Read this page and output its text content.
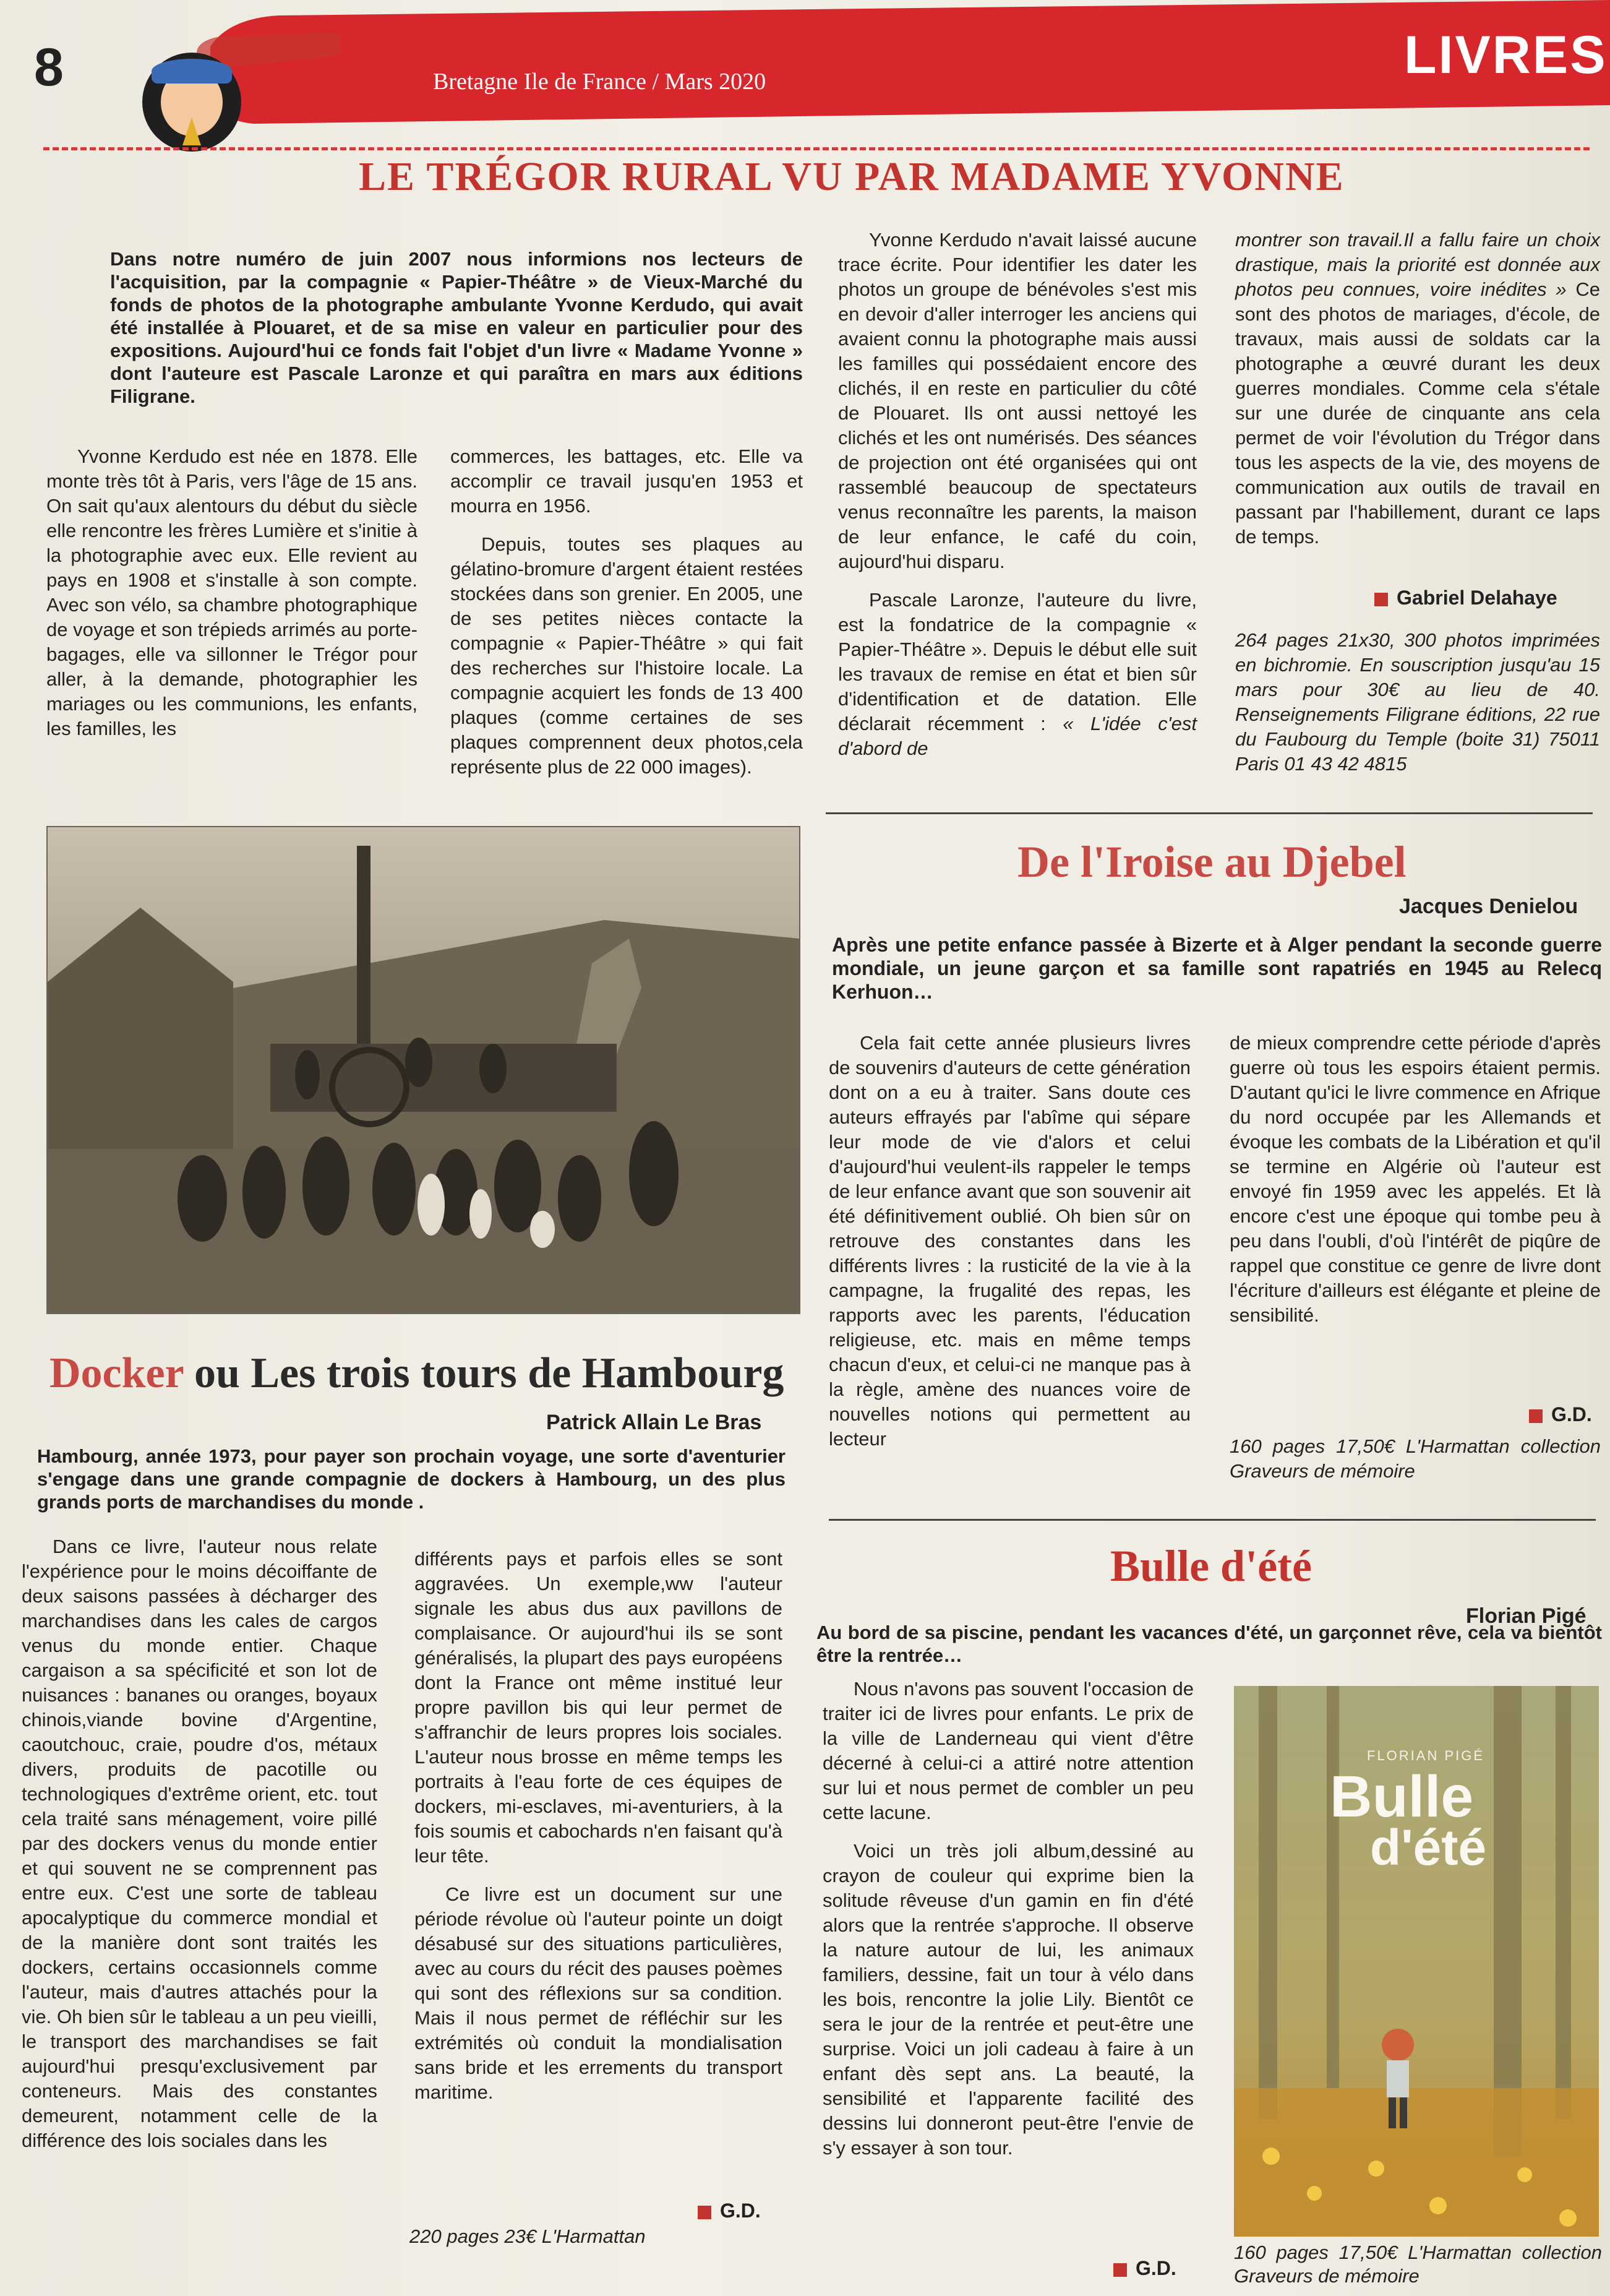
8	Bretagne Ile de France / Mars 2020	LIVRES
LE TRÉGOR RURAL VU PAR MADAME YVONNE
Dans notre numéro de juin 2007 nous informions nos lecteurs de l'acquisition, par la compagnie « Papier-Théâtre » de Vieux-Marché du fonds de photos de la photographe ambulante Yvonne Kerdudo, qui avait été installée à Plouaret, et de sa mise en valeur en particulier pour des expositions. Aujourd'hui ce fonds fait l'objet d'un livre « Madame Yvonne » dont l'auteure est Pascale Laronze et qui paraîtra en mars aux éditions Filigrane.

Yvonne Kerdudo est née en 1878. Elle monte très tôt à Paris, vers l'âge de 15 ans. On sait qu'aux alentours du début du siècle elle rencontre les frères Lumière et s'initie à la photographie avec eux. Elle revient au pays en 1908 et s'installe à son compte. Avec son vélo, sa chambre photographique de voyage et son trépieds arrimés au porte-bagages, elle va sillonner le Trégor pour aller, à la demande, photographier les mariages ou les communions, les enfants, les familles, les

commerces, les battages, etc. Elle va accomplir ce travail jusqu'en 1953 et mourra en 1956.

Depuis, toutes ses plaques au gélatino-bromure d'argent étaient restées stockées dans son grenier. En 2005, une de ses petites nièces contacte la compagnie « Papier-Théâtre » qui fait des recherches sur l'histoire locale. La compagnie acquiert les fonds de 13 400 plaques (comme certaines de ses plaques comprennent deux photos,cela représente plus de 22 000 images).

Yvonne Kerdudo n'avait laissé aucune trace écrite. Pour identifier les dater les photos un groupe de bénévoles s'est mis en devoir d'aller interroger les anciens qui avaient connu la photographe mais aussi les familles qui possédaient encore des clichés, il en reste en particulier du côté de Plouaret. Ils ont aussi nettoyé les clichés et les ont numérisés. Des séances de projection ont été organisées qui ont rassemblé beaucoup de spectateurs venus reconnaître les parents, la maison de leur enfance, le café du coin, aujourd'hui disparu.

Pascale Laronze, l'auteure du livre, est la fondatrice de la compagnie « Papier-Théâtre ». Depuis le début elle suit les travaux de remise en état et bien sûr d'identification et de datation. Elle déclarait récemment : « L'idée c'est d'abord de

montrer son travail.Il a fallu faire un choix drastique, mais la priorité est donnée aux photos peu connues, voire inédites » Ce sont des photos de mariages, d'école, de travaux, mais aussi de soldats car la photographe a œuvré durant les deux guerres mondiales. Comme cela s'étale sur une durée de cinquante ans cela permet de voir l'évolution du Trégor dans tous les aspects de la vie, des moyens de communication aux outils de travail en passant par l'habillement, durant ce laps de temps.

Gabriel Delahaye
264 pages 21x30, 300 photos imprimées en bichromie. En souscription jusqu'au 15 mars pour 30€ au lieu de 40. Renseignements Filigrane éditions, 22 rue du Faubourg du Temple (boite 31) 75011 Paris 01 43 42 4815
De l'Iroise au Djebel
Jacques Denielou
Après une petite enfance passée à Bizerte et à Alger pendant la seconde guerre mondiale, un jeune garçon et sa famille sont rapatriés en 1945 au Relecq Kerhuon…

Cela fait cette année plusieurs livres de souvenirs d'auteurs de cette génération dont on a eu à traiter. Sans doute ces auteurs effrayés par l'abîme qui sépare leur mode de vie d'alors et celui d'aujourd'hui veulent-ils rappeler le temps de leur enfance avant que son souvenir ait été définitivement oublié. Oh bien sûr on retrouve des constantes dans les différents livres : la rusticité de la vie à la campagne, la frugalité des repas, les rapports avec les parents, l'éducation religieuse, etc. mais en même temps chacun d'eux, et celui-ci ne manque pas à la règle, amène des nuances voire de nouvelles notions qui permettent au lecteur

de mieux comprendre cette période d'après guerre où tous les espoirs étaient permis. D'autant qu'ici le livre commence en Afrique du nord occupée par les Allemands et évoque les combats de la Libération et qu'il se termine en Algérie où l'auteur est envoyé fin 1959 avec les appelés. Et là encore c'est une époque qui tombe peu à peu dans l'oubli, d'où l'intérêt de piqûre de rappel que constitue ce genre de livre dont l'écriture d'ailleurs est élégante et pleine de sensibilité.

G.D.
160 pages 17,50€ L'Harmattan collection Graveurs de mémoire
Docker ou Les trois tours de Hambourg
Patrick Allain Le Bras
Hambourg, année 1973, pour payer son prochain voyage, une sorte d'aventurier s'engage dans une grande compagnie de dockers à Hambourg, un des plus grands ports de marchandises du monde .

Dans ce livre, l'auteur nous relate l'expérience pour le moins décoiffante de deux saisons passées à décharger des marchandises dans les cales de cargos venus du monde entier. Chaque cargaison a sa spécificité et son lot de nuisances : bananes ou oranges, boyaux chinois,viande bovine d'Argentine, caoutchouc, craie, poudre d'os, métaux divers, produits de pacotille ou technologiques d'extrême orient, etc. tout cela traité sans ménagement, voire pillé par des dockers venus du monde entier et qui souvent ne se comprennent pas entre eux. C'est une sorte de tableau apocalyptique du commerce mondial et de la manière dont sont traités les dockers, certains occasionnels comme l'auteur, mais d'autres attachés pour la vie. Oh bien sûr le tableau a un peu vieilli, le transport des marchandises se fait aujourd'hui presqu'exclusivement par conteneurs. Mais des constantes demeurent, notamment celle de la différence des lois sociales dans les

différents pays et parfois elles se sont aggravées. Un exemple,ww l'auteur signale les abus dus aux pavillons de complaisance. Or aujourd'hui ils se sont généralisés, la plupart des pays européens dont la France ont même institué leur propre pavillon bis qui leur permet de s'affranchir de leurs propres lois sociales. L'auteur nous brosse en même temps les portraits à l'eau forte de ces équipes de dockers, mi-esclaves, mi-aventuriers, à la fois soumis et cabochards n'en faisant qu'à leur tête.

Ce livre est un document sur une période révolue où l'auteur pointe un doigt désabusé sur des situations particulières, avec au cours du récit des pauses poèmes qui sont des réflexions sur sa condition. Mais il nous permet de réfléchir sur les extrémités où conduit la mondialisation sans bride et les errements du transport maritime.

G.D.
220 pages 23€ L'Harmattan
Bulle d'été
Florian Pigé
Au bord de sa piscine, pendant les vacances d'été, un garçonnet rêve, cela va bientôt être la rentrée…

Nous n'avons pas souvent l'occasion de traiter ici de livres pour enfants. Le prix de la ville de Landerneau qui vient d'être décerné à celui-ci a attiré notre attention sur lui et nous permet de combler un peu cette lacune.

Voici un très joli album,dessiné au crayon de couleur qui exprime bien la solitude rêveuse d'un gamin en fin d'été alors que la rentrée s'approche. Il observe la nature autour de lui, les animaux familiers, dessine, fait un tour à vélo dans les bois, rencontre la jolie Lily. Bientôt ce sera le jour de la rentrée et peut-être une surprise. Voici un joli cadeau à faire à un enfant dès sept ans. La beauté, la sensibilité et l'apparente facilité des dessins lui donneront peut-être l'envie de s'y essayer à son tour.

G.D.
FLORIAN PIGÉ
Bulle
d'été
160 pages 17,50€ L'Harmattan collection Graveurs de mémoire
